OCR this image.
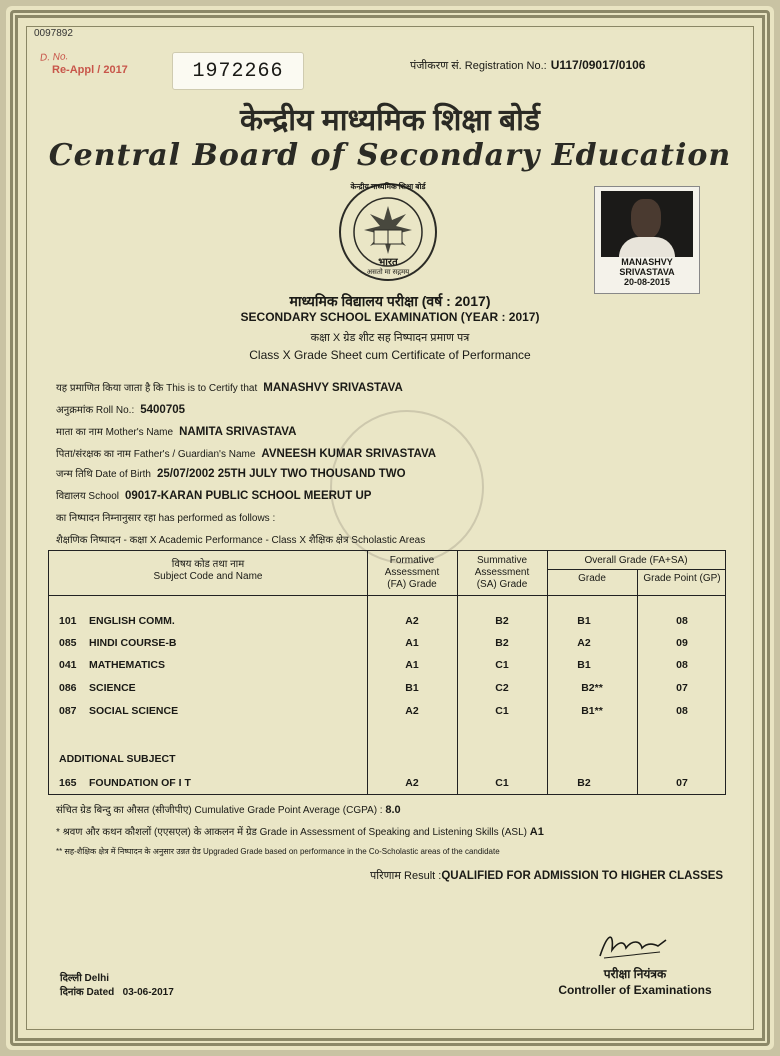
0097892
D. No.
Re-Appl / 2017	1972266	पंजीकरण सं. Registration No.: U117/09017/0106
केन्द्रीय माध्यमिक शिक्षा बोर्ड
Central Board of Secondary Education
भारत
असतो मा सद्गमय
केन्द्रीय माध्यमिक शिक्षा बोर्ड
MANASHVY
SRIVASTAVA
20-08-2015
माध्यमिक विद्यालय परीक्षा (वर्ष : 2017)
SECONDARY SCHOOL EXAMINATION (YEAR : 2017)
कक्षा X ग्रेड शीट सह निष्पादन प्रमाण पत्र
Class X Grade Sheet cum Certificate of Performance
यह प्रमाणित किया जाता है कि This is to Certify that MANASHVY SRIVASTAVA
अनुक्रमांक Roll No.: 5400705
माता का नाम Mother's Name NAMITA SRIVASTAVA
पिता/संरक्षक का नाम Father's / Guardian's Name AVNEESH KUMAR SRIVASTAVA
जन्म तिथि Date of Birth 25/07/2002 25TH JULY TWO THOUSAND TWO
विद्यालय School 09017-KARAN PUBLIC SCHOOL MEERUT UP
का निष्पादन निम्नानुसार रहा has performed as follows :
शैक्षणिक निष्पादन - कक्षा X Academic Performance - Class X शैक्षिक क्षेत्र Scholastic Areas
विषय कोड तथा नाम
Subject Code and Name
Formative
Assessment
(FA) Grade
Summative
Assessment
(SA) Grade
Overall Grade (FA+SA)
Grade	Grade Point (GP)
101 ENGLISH COMM.	A2	B2	B1	08
085 HINDI COURSE-B	A1	B2	A2	09
041 MATHEMATICS	A1	C1	B1	08
086 SCIENCE	B1	C2	B2**	07
087 SOCIAL SCIENCE	A2	C1	B1**	08
ADDITIONAL SUBJECT
165 FOUNDATION OF I T	A2	C1	B2	07
संचित ग्रेड बिन्दु का औसत (सीजीपीए) Cumulative Grade Point Average (CGPA) : 8.0
* श्रवण और कथन कौशलों (एएसएल) के आकलन में ग्रेड Grade in Assessment of Speaking and Listening Skills (ASL) A1
** सह-शैक्षिक क्षेत्र में निष्पादन के अनुसार उन्नत ग्रेड Upgraded Grade based on performance in the Co-Scholastic areas of the candidate
परिणाम Result :QUALIFIED FOR ADMISSION TO HIGHER CLASSES
परीक्षा नियंत्रक
Controller of Examinations
दिल्ली Delhi
दिनांक Dated 03-06-2017
